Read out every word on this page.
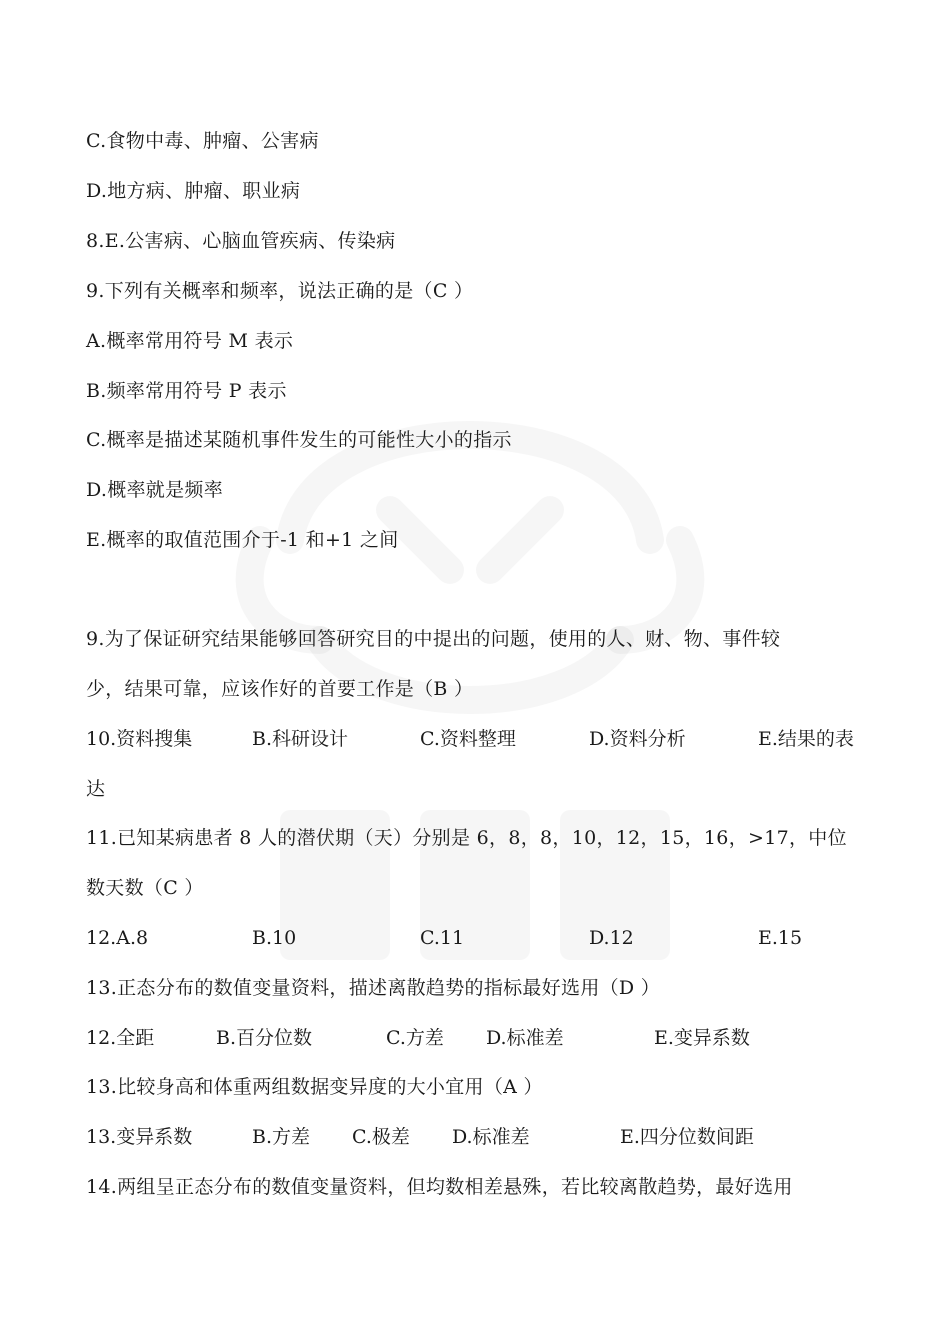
C.食物中毒、肿瘤、公害病
D.地方病、肿瘤、职业病
8.E.公害病、心脑血管疾病、传染病
9.下列有关概率和频率，说法正确的是（C ）
A.概率常用符号 M 表示
B.频率常用符号 P 表示
C.概率是描述某随机事件发生的可能性大小的指示
D.概率就是频率
E.概率的取值范围介于-1 和+1 之间
9.为了保证研究结果能够回答研究目的中提出的问题，使用的人、财、物、事件较
少，结果可靠，应该作好的首要工作是（B ）
10.资料搜集	B.科研设计	C.资料整理	D.资料分析	E.结果的表
达
11.已知某病患者 8 人的潜伏期（天）分别是 6，8，8，10，12，15，16，>17，中位
数天数（C ）
12.A.8	B.10	C.11	D.12	E.15
13.正态分布的数值变量资料，描述离散趋势的指标最好选用（D ）
12.全距	B.百分位数	C.方差 D.标准差	E.变异系数
13.比较身高和体重两组数据变异度的大小宜用（A ）
13.变异系数	B.方差 C.极差 D.标准差	E.四分位数间距
14.两组呈正态分布的数值变量资料，但均数相差悬殊，若比较离散趋势，最好选用
